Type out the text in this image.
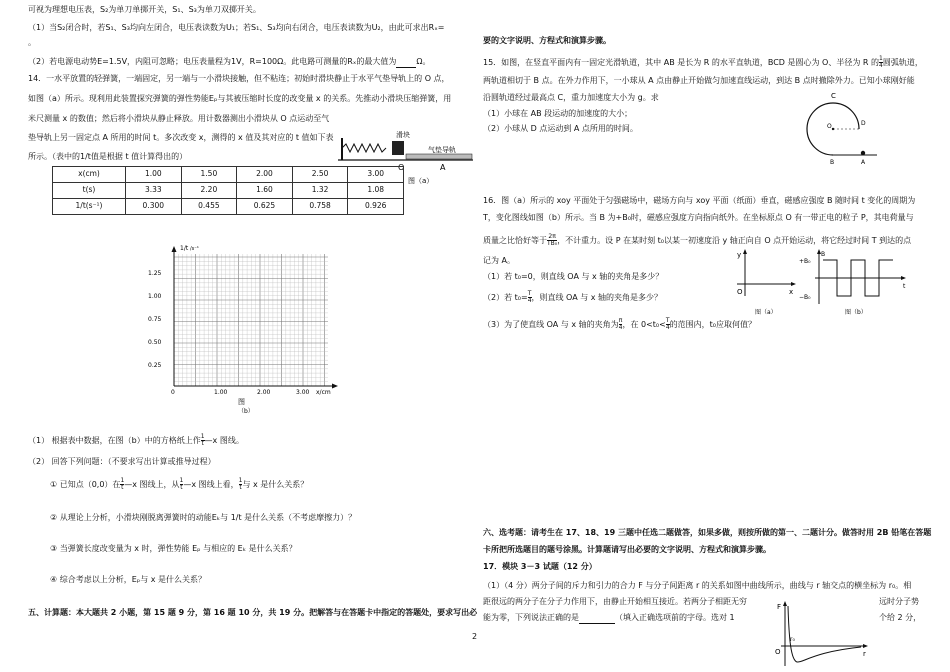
可视为理想电压表，S₂为单刀单掷开关，S₁、S₃为单刀双掷开关。
（1）当S₂闭合时，若S₁、S₃均向左闭合，电压表读数为U₁；若S₁、S₃均向右闭合，电压表读数为U₂，由此可求出Rₓ=
。
（2）若电源电动势E=1.5V，内阻可忽略；电压表量程为1V，R=100Ω。此电路可测量的Rₓ的最大值为	Ω。
14．一水平放置的轻弹簧，一端固定，另一端与一小滑块接触，但不粘连；初始时滑块静止于水平气垫导轨上的 O 点，
如图（a）所示。现利用此装置探究弹簧的弹性势能Eₚ与其被压缩时长度的改变量 x 的关系。先推动小滑块压缩弹簧，用
米尺测量 x 的数值；然后将小滑块从静止释放。用计数器测出小滑块从 O 点运动至气
垫导轨上另一固定点 A 所用的时间 t。多次改变 x，测得的 x 值及其对应的 t 值如下表
所示。（表中的1/t值是根据 t 值计算得出的）
滑块
气垫导轨
O	A
图（a）
x(cm)	1.00	1.50	2.00	2.50	3.00
t(s)	3.33	2.20	1.60	1.32	1.08
1/t(s⁻¹)	0.300	0.455	0.625	0.758	0.926
1/t /s⁻¹
1.25
1.00
0.75
0.50
0.25
0	1.00	2.00	3.00 x/cm
图
（b）
（1） 根据表中数据，在图（b）中的方格纸上作 $\frac{1}{t}$ —x 图线。
（2） 回答下列问题：（不要求写出计算或推导过程）
① 已知点（0,0）在 $\frac{1}{t}$ —x 图线上，从 $\frac{1}{t}$ —x 图线上看， $\frac{1}{t}$ 与 x 是什么关系？
② 从理论上分析，小滑块刚脱离弹簧时的动能Eₖ与 1/t 是什么关系（不考虑摩擦力）？
③ 当弹簧长度改变量为 x 时，弹性势能 Eₚ 与相应的 Eₖ 是什么关系？
④ 综合考虑以上分析，Eₚ与 x 是什么关系？
五、计算题：本大题共 2 小题，第 15 题 9 分，第 16 题 10 分，共 19 分。把解答与在答题卡中指定的答题处，要求写出必
要的文字说明、方程式和演算步骤。
15．如图，在竖直平面内有一固定光滑轨道，其中 AB 是长为 R 的水平直轨道，BCD 是圆心为 O、半径为 R 的 $\frac{1}{4}$ 圆弧轨道，
两轨道相切于 B 点。在外力作用下，一小球从 A 点由静止开始做匀加速直线运动，到达 B 点时撤除外力。已知小球刚好能
沿圆轨道经过最高点 C，重力加速度大小为 g。求
（1）小球在 AB 段运动的加速度的大小；
（2）小球从 D 点运动到 A 点所用的时间。
C
O	D
B	A
16．图（a）所示的 xoy 平面处于匀强磁场中，磁场方向与 xoy 平面（纸面）垂直，磁感应强度 B 随时间 t 变化的周期为
T，变化图线如图（b）所示。当 B 为+B₀时，磁感应强度方向指向纸外。在坐标原点 O 有一带正电的粒子 P，其电荷量与
质量之比恰好等于 $\frac{2\pi}{\text{TB₀}}$ ，不计重力。设 P 在某时刻 t₀以某一初速度沿 y 轴正向自 O 点开始运动，将它经过时间 T 到达的点
记为 A。
（1）若 t₀=0，则直线 OA 与 x 轴的夹角是多少？
（2）若 $t_0= \frac{T}{4}$ ，则直线 OA 与 x 轴的夹角是多少？
（3）为了使直线 OA 与 x 轴的夹角为 $\frac{\pi}{4}$ ，在 $0<t_0< \frac{T}{4}$ 的范围内，t₀应取何值？
y
O	x
图（a）
B
+B₀
−B₀
t
图（b）
六、选考题：请考生在 17、18、19 三题中任选二题做答，如果多做，则按所做的第一、二题计分。做答时用 2B 铅笔在答题
卡所把所选题目的题号涂黑。计算题请写出必要的文字说明、方程式和演算步骤。
17．模块 3－3 试题（12 分）
（1）（4 分）两分子间的斥力和引力的合力 F 与分子间距离 r 的关系如图中曲线所示，曲线与 r 轴交点的横坐标为 r₀。相
距很远的两分子在分子力作用下，由静止开始相互接近。若两分子相距无穷	远时分子势
能为零，下列说法正确的是	（填入正确选项前的字母。选对 1	个给 2 分，
F
O	r
r₀
2
